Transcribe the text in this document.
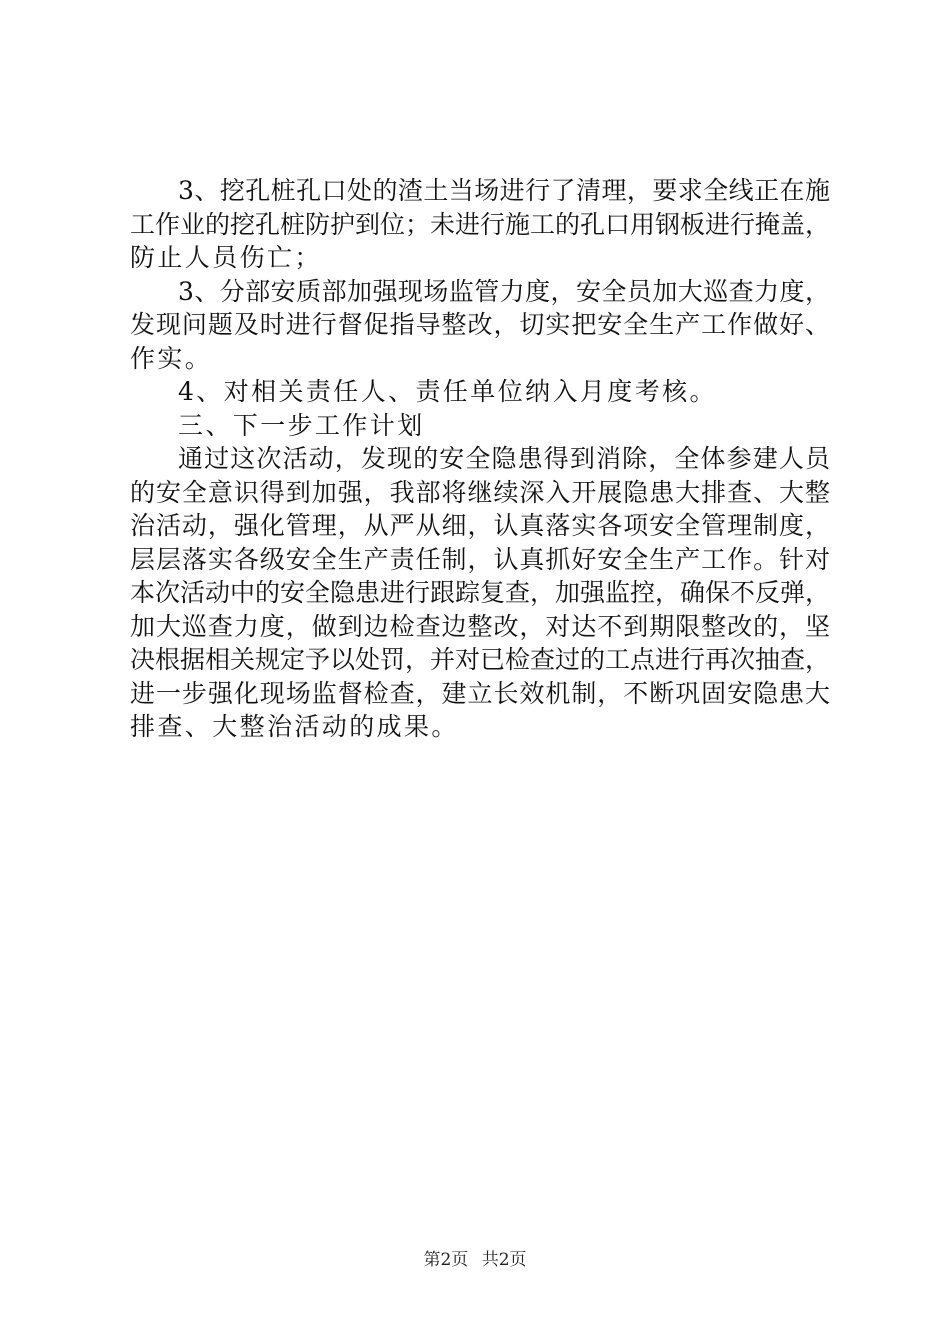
3、挖孔桩孔口处的渣土当场进行了清理，要求全线正在施
工作业的挖孔桩防护到位；未进行施工的孔口用钢板进行掩盖，
防止人员伤亡；
3、分部安质部加强现场监管力度，安全员加大巡查力度，
发现问题及时进行督促指导整改，切实把安全生产工作做好、
作实。
4、对相关责任人、责任单位纳入月度考核。
三、下一步工作计划
通过这次活动，发现的安全隐患得到消除，全体参建人员
的安全意识得到加强，我部将继续深入开展隐患大排查、大整
治活动，强化管理，从严从细，认真落实各项安全管理制度，
层层落实各级安全生产责任制，认真抓好安全生产工作。针对
本次活动中的安全隐患进行跟踪复查，加强监控，确保不反弹，
加大巡查力度，做到边检查边整改，对达不到期限整改的，坚
决根据相关规定予以处罚，并对已检查过的工点进行再次抽查，
进一步强化现场监督检查，建立长效机制，不断巩固安隐患大
排查、大整治活动的成果。
第2页 共2页
